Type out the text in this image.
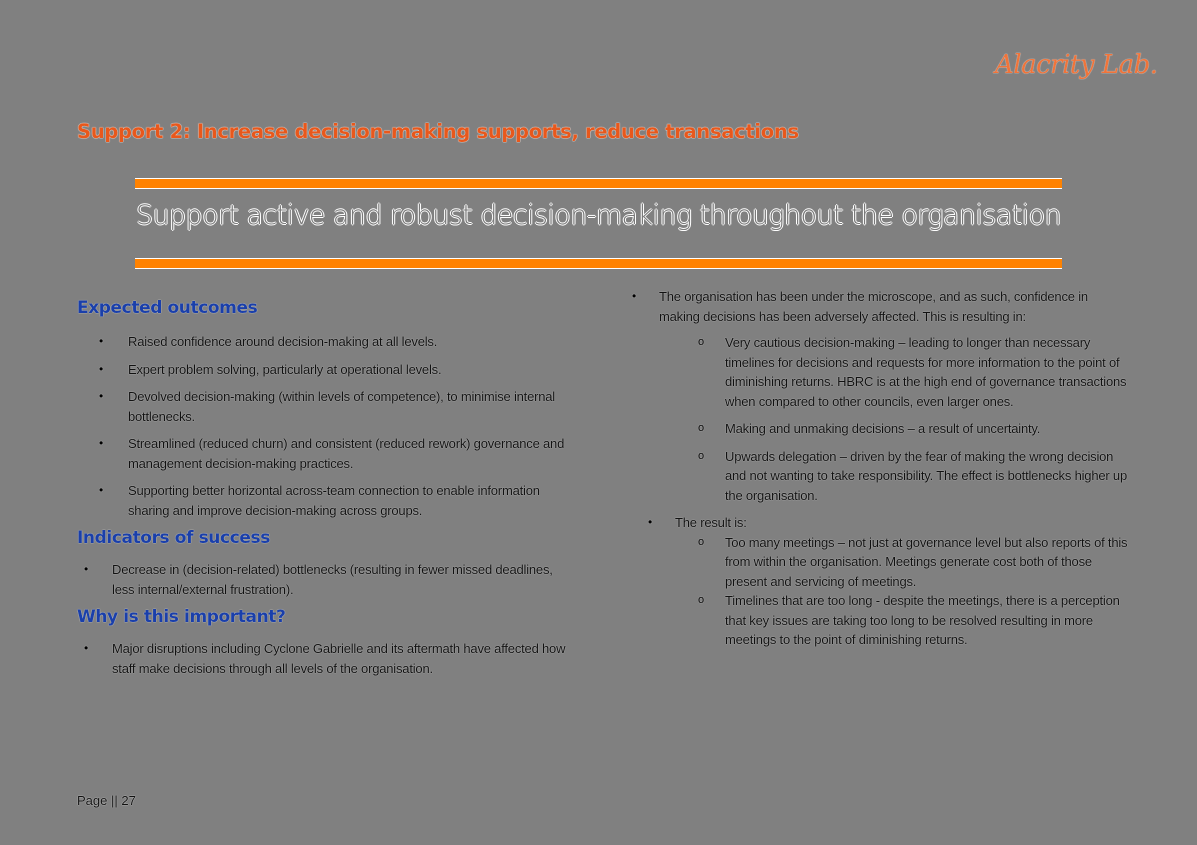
Alacrity Lab.
Support 2: Increase decision-making supports, reduce transactions
Support active and robust decision-making throughout the organisation
Expected outcomes
• Raised confidence around decision-making at all levels.
• Expert problem solving, particularly at operational levels.
• Devolved decision-making (within levels of competence), to minimise internal bottlenecks.
• Streamlined (reduced churn) and consistent (reduced rework) governance and management decision-making practices.
• Supporting better horizontal across-team connection to enable information sharing and improve decision-making across groups.
Indicators of success
• Decrease in (decision-related) bottlenecks (resulting in fewer missed deadlines, less internal/external frustration).
Why is this important?
• Major disruptions including Cyclone Gabrielle and its aftermath have affected how staff make decisions through all levels of the organisation.
• The organisation has been under the microscope, and as such, confidence in making decisions has been adversely affected. This is resulting in:
o Very cautious decision-making – leading to longer than necessary timelines for decisions and requests for more information to the point of diminishing returns. HBRC is at the high end of governance transactions when compared to other councils, even larger ones.
o Making and unmaking decisions – a result of uncertainty.
o Upwards delegation – driven by the fear of making the wrong decision and not wanting to take responsibility. The effect is bottlenecks higher up the organisation.
• The result is:
o Too many meetings – not just at governance level but also reports of this from within the organisation. Meetings generate cost both of those present and servicing of meetings.
o Timelines that are too long - despite the meetings, there is a perception that key issues are taking too long to be resolved resulting in more meetings to the point of diminishing returns.
Page || 27
